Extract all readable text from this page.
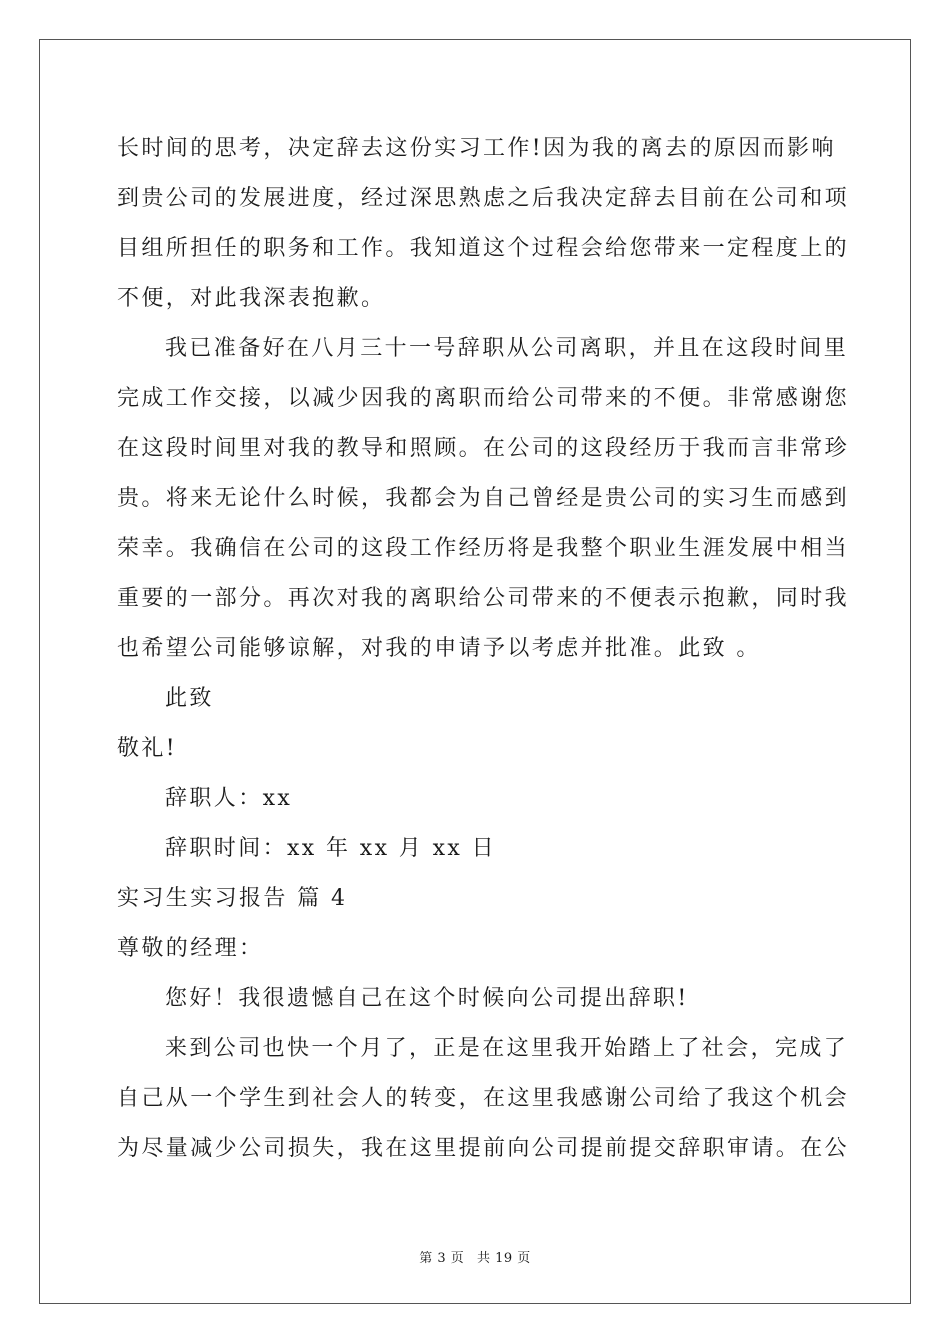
长时间的思考，决定辞去这份实习工作!因为我的离去的原因而影响
到贵公司的发展进度，经过深思熟虑之后我决定辞去目前在公司和项
目组所担任的职务和工作。我知道这个过程会给您带来一定程度上的
不便，对此我深表抱歉。
我已准备好在八月三十一号辞职从公司离职，并且在这段时间里
完成工作交接，以减少因我的离职而给公司带来的不便。非常感谢您
在这段时间里对我的教导和照顾。在公司的这段经历于我而言非常珍
贵。将来无论什么时候，我都会为自己曾经是贵公司的实习生而感到
荣幸。我确信在公司的这段工作经历将是我整个职业生涯发展中相当
重要的一部分。再次对我的离职给公司带来的不便表示抱歉，同时我
也希望公司能够谅解，对我的申请予以考虑并批准。此致 。
此致
敬礼!
辞职人：xx
辞职时间：xx 年 xx 月 xx 日
实习生实习报告 篇 4
尊敬的经理：
您好！我很遗憾自己在这个时候向公司提出辞职!
来到公司也快一个月了，正是在这里我开始踏上了社会，完成了
自己从一个学生到社会人的转变，在这里我感谢公司给了我这个机会
为尽量减少公司损失，我在这里提前向公司提前提交辞职审请。在公
第 3 页 共 19 页
